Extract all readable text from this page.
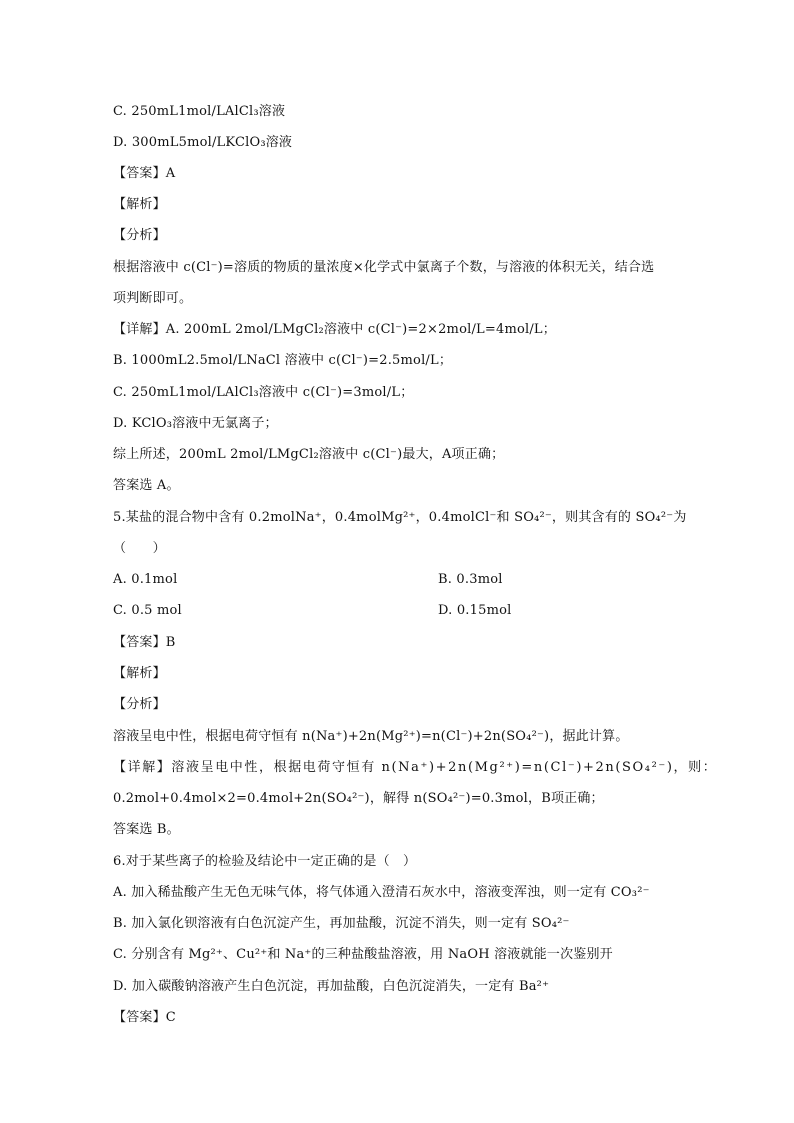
C. 250mL1mol/LAlCl₃溶液
D. 300mL5mol/LKClO₃溶液
【答案】A
【解析】
【分析】
根据溶液中 c(Cl⁻)=溶质的物质的量浓度×化学式中氯离子个数，与溶液的体积无关，结合选
项判断即可。
【详解】A. 200mL 2mol/LMgCl₂溶液中 c(Cl⁻)=2×2mol/L=4mol/L；
B. 1000mL2.5mol/LNaCl 溶液中 c(Cl⁻)=2.5mol/L；
C. 250mL1mol/LAlCl₃溶液中 c(Cl⁻)=3mol/L；
D. KClO₃溶液中无氯离子；
综上所述，200mL 2mol/LMgCl₂溶液中 c(Cl⁻)最大，A项正确；
答案选 A。
5.某盐的混合物中含有 0.2molNa⁺，0.4molMg²⁺，0.4molCl⁻和 SO₄²⁻，则其含有的 SO₄²⁻为
（　　）
A. 0.1mol	B. 0.3mol
C. 0.5 mol	D. 0.15mol
【答案】B
【解析】
【分析】
溶液呈电中性，根据电荷守恒有 n(Na⁺)+2n(Mg²⁺)=n(Cl⁻)+2n(SO₄²⁻)，据此计算。
【详解】溶液呈电中性，根据电荷守恒有 n(Na⁺)+2n(Mg²⁺)=n(Cl⁻)+2n(SO₄²⁻)，则：
0.2mol+0.4mol×2=0.4mol+2n(SO₄²⁻)，解得 n(SO₄²⁻)=0.3mol，B项正确；
答案选 B。
6.对于某些离子的检验及结论中一定正确的是（　）
A. 加入稀盐酸产生无色无味气体，将气体通入澄清石灰水中，溶液变浑浊，则一定有 CO₃²⁻
B. 加入氯化钡溶液有白色沉淀产生，再加盐酸，沉淀不消失，则一定有 SO₄²⁻
C. 分别含有 Mg²⁺、Cu²⁺和 Na⁺的三种盐酸盐溶液，用 NaOH 溶液就能一次鉴别开
D. 加入碳酸钠溶液产生白色沉淀，再加盐酸，白色沉淀消失，一定有 Ba²⁺
【答案】C
